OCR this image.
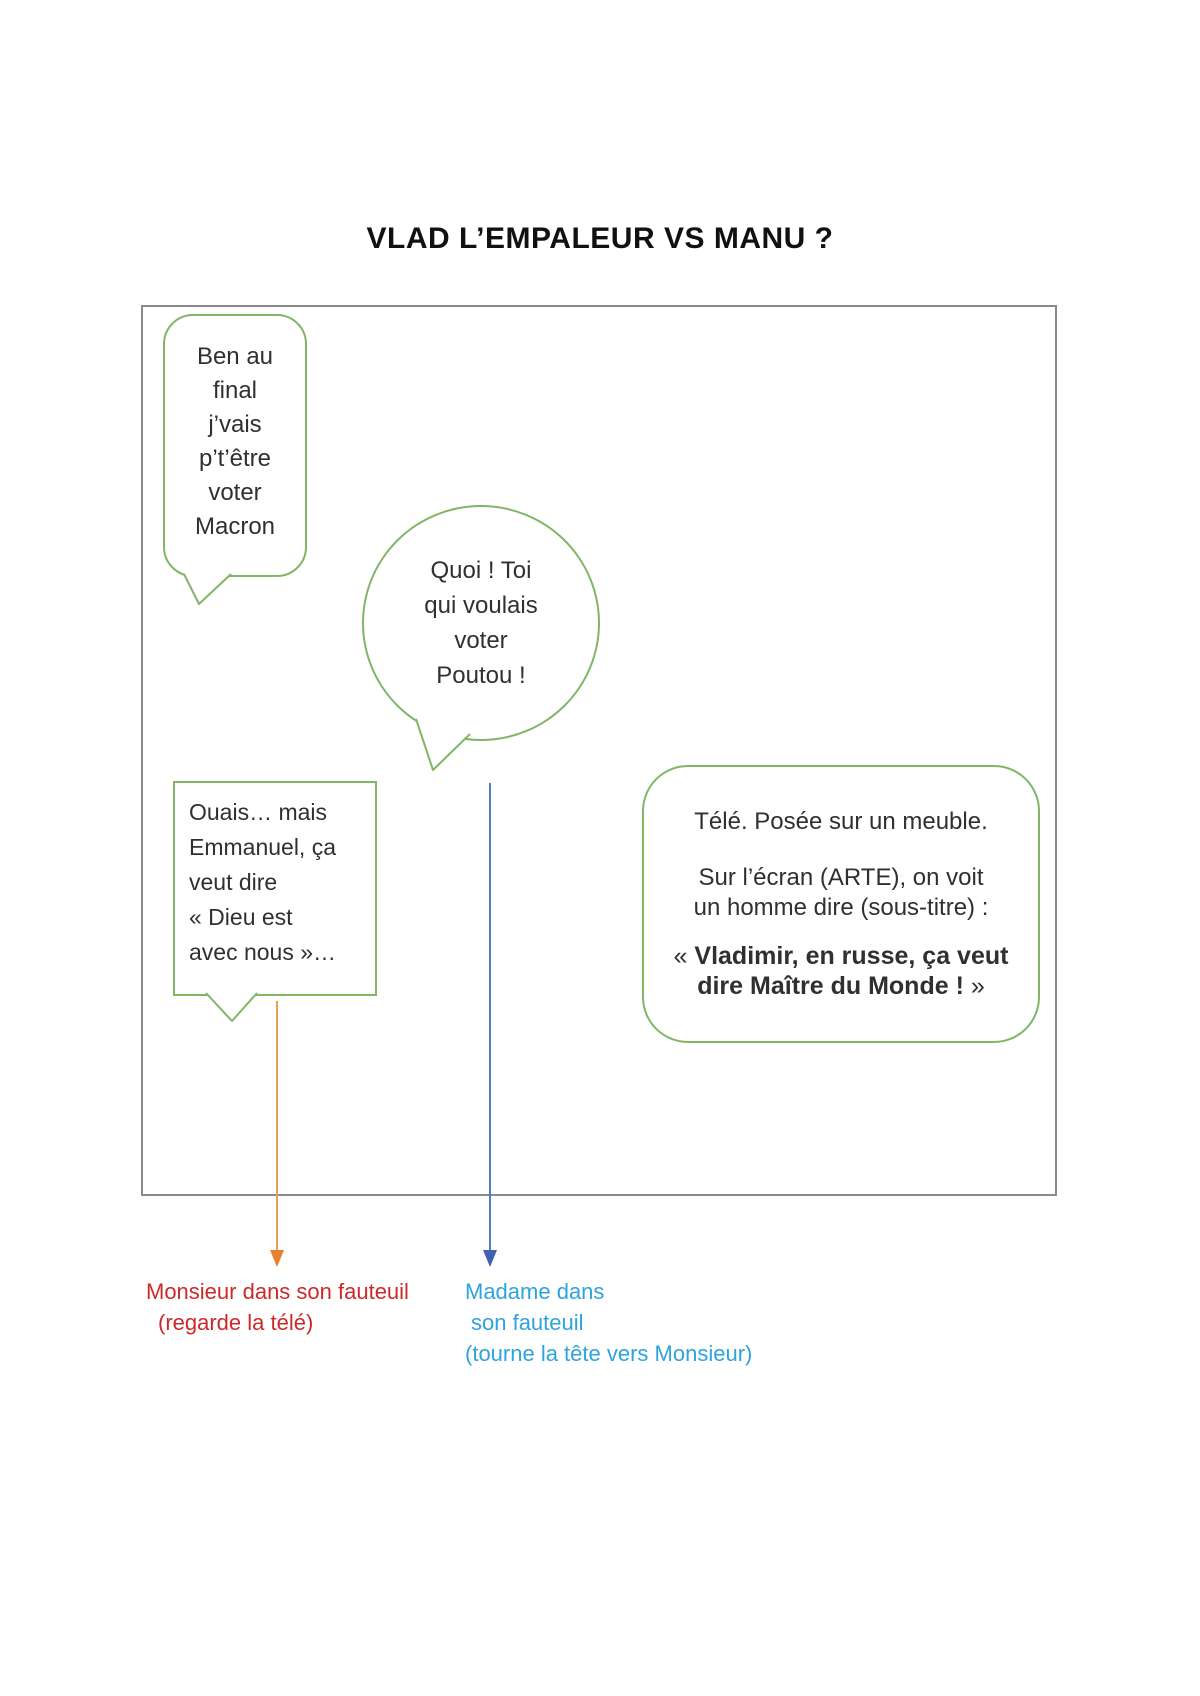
VLAD L’EMPALEUR VS MANU ?
Ben au
final
j’vais
p’t’être
voter
Macron
Quoi ! Toi
qui voulais
voter
Poutou !
Ouais… mais
Emmanuel, ça
veut dire
« Dieu est
avec nous »…

Télé. Posée sur un meuble.

Sur l’écran (ARTE), on voit
un homme dire (sous-titre) :

« Vladimir, en russe, ça veut
dire Maître du Monde ! »

Monsieur dans son fauteuil
(regarde la télé)
Madame dans
son fauteuil
(tourne la tête vers Monsieur)
